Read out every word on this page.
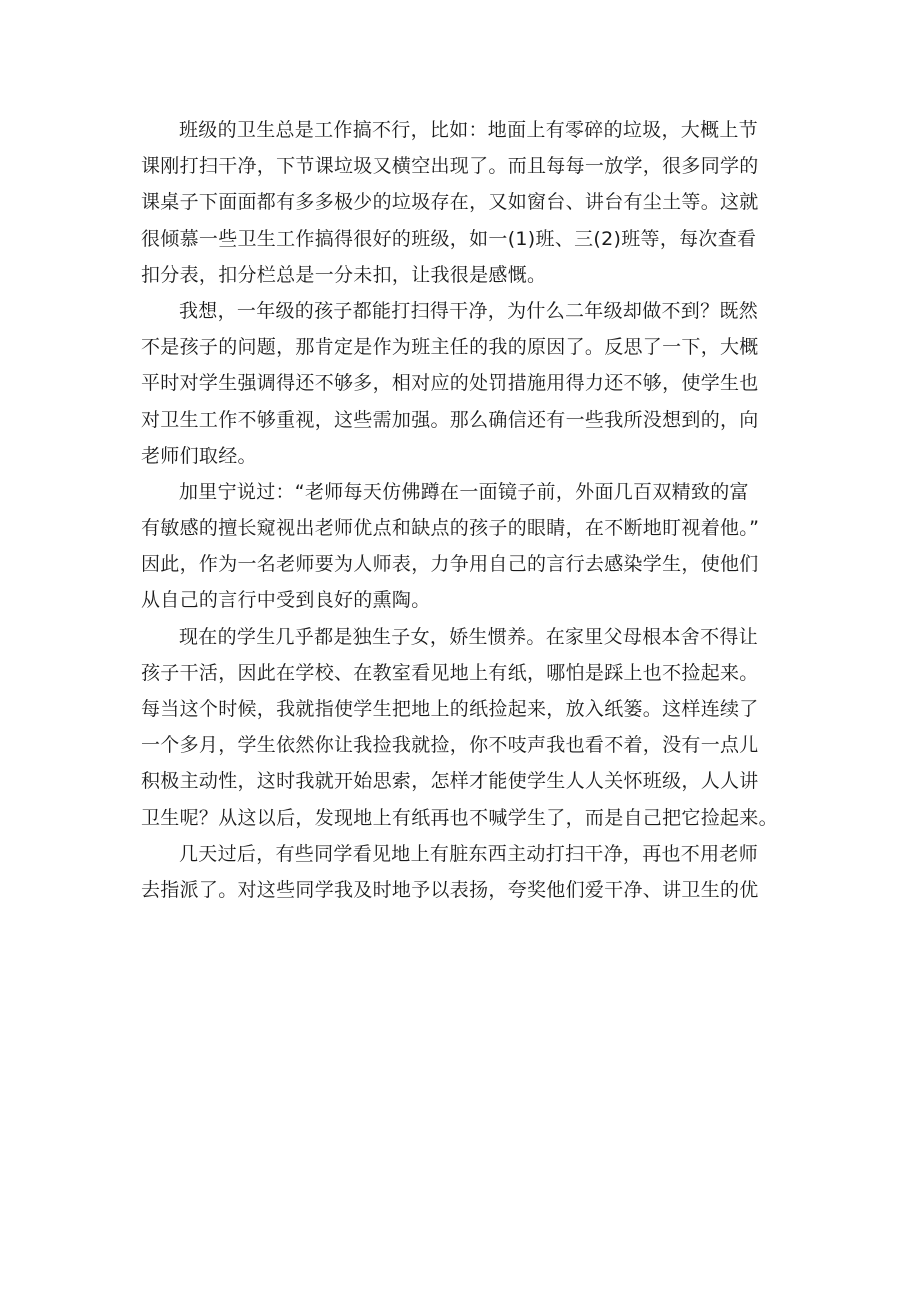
班级的卫生总是工作搞不行，比如：地面上有零碎的垃圾，大概上节
课刚打扫干净，下节课垃圾又横空出现了。而且每每一放学，很多同学的
课桌子下面面都有多多极少的垃圾存在，又如窗台、讲台有尘土等。这就
很倾慕一些卫生工作搞得很好的班级，如一(1)班、三(2)班等，每次查看
扣分表，扣分栏总是一分未扣，让我很是感慨。
我想，一年级的孩子都能打扫得干净，为什么二年级却做不到？既然
不是孩子的问题，那肯定是作为班主任的我的原因了。反思了一下，大概
平时对学生强调得还不够多，相对应的处罚措施用得力还不够，使学生也
对卫生工作不够重视，这些需加强。那么确信还有一些我所没想到的，向
老师们取经。
加里宁说过：“老师每天仿佛蹲在一面镜子前，外面几百双精致的富
有敏感的擅长窥视出老师优点和缺点的孩子的眼睛，在不断地盯视着他。”
因此，作为一名老师要为人师表，力争用自己的言行去感染学生，使他们
从自己的言行中受到良好的熏陶。
现在的学生几乎都是独生子女，娇生惯养。在家里父母根本舍不得让
孩子干活，因此在学校、在教室看见地上有纸，哪怕是踩上也不捡起来。
每当这个时候，我就指使学生把地上的纸捡起来，放入纸篓。这样连续了
一个多月，学生依然你让我捡我就捡，你不吱声我也看不着，没有一点儿
积极主动性，这时我就开始思索，怎样才能使学生人人关怀班级，人人讲
卫生呢？从这以后，发现地上有纸再也不喊学生了，而是自己把它捡起来。
几天过后，有些同学看见地上有脏东西主动打扫干净，再也不用老师
去指派了。对这些同学我及时地予以表扬，夸奖他们爱干净、讲卫生的优
